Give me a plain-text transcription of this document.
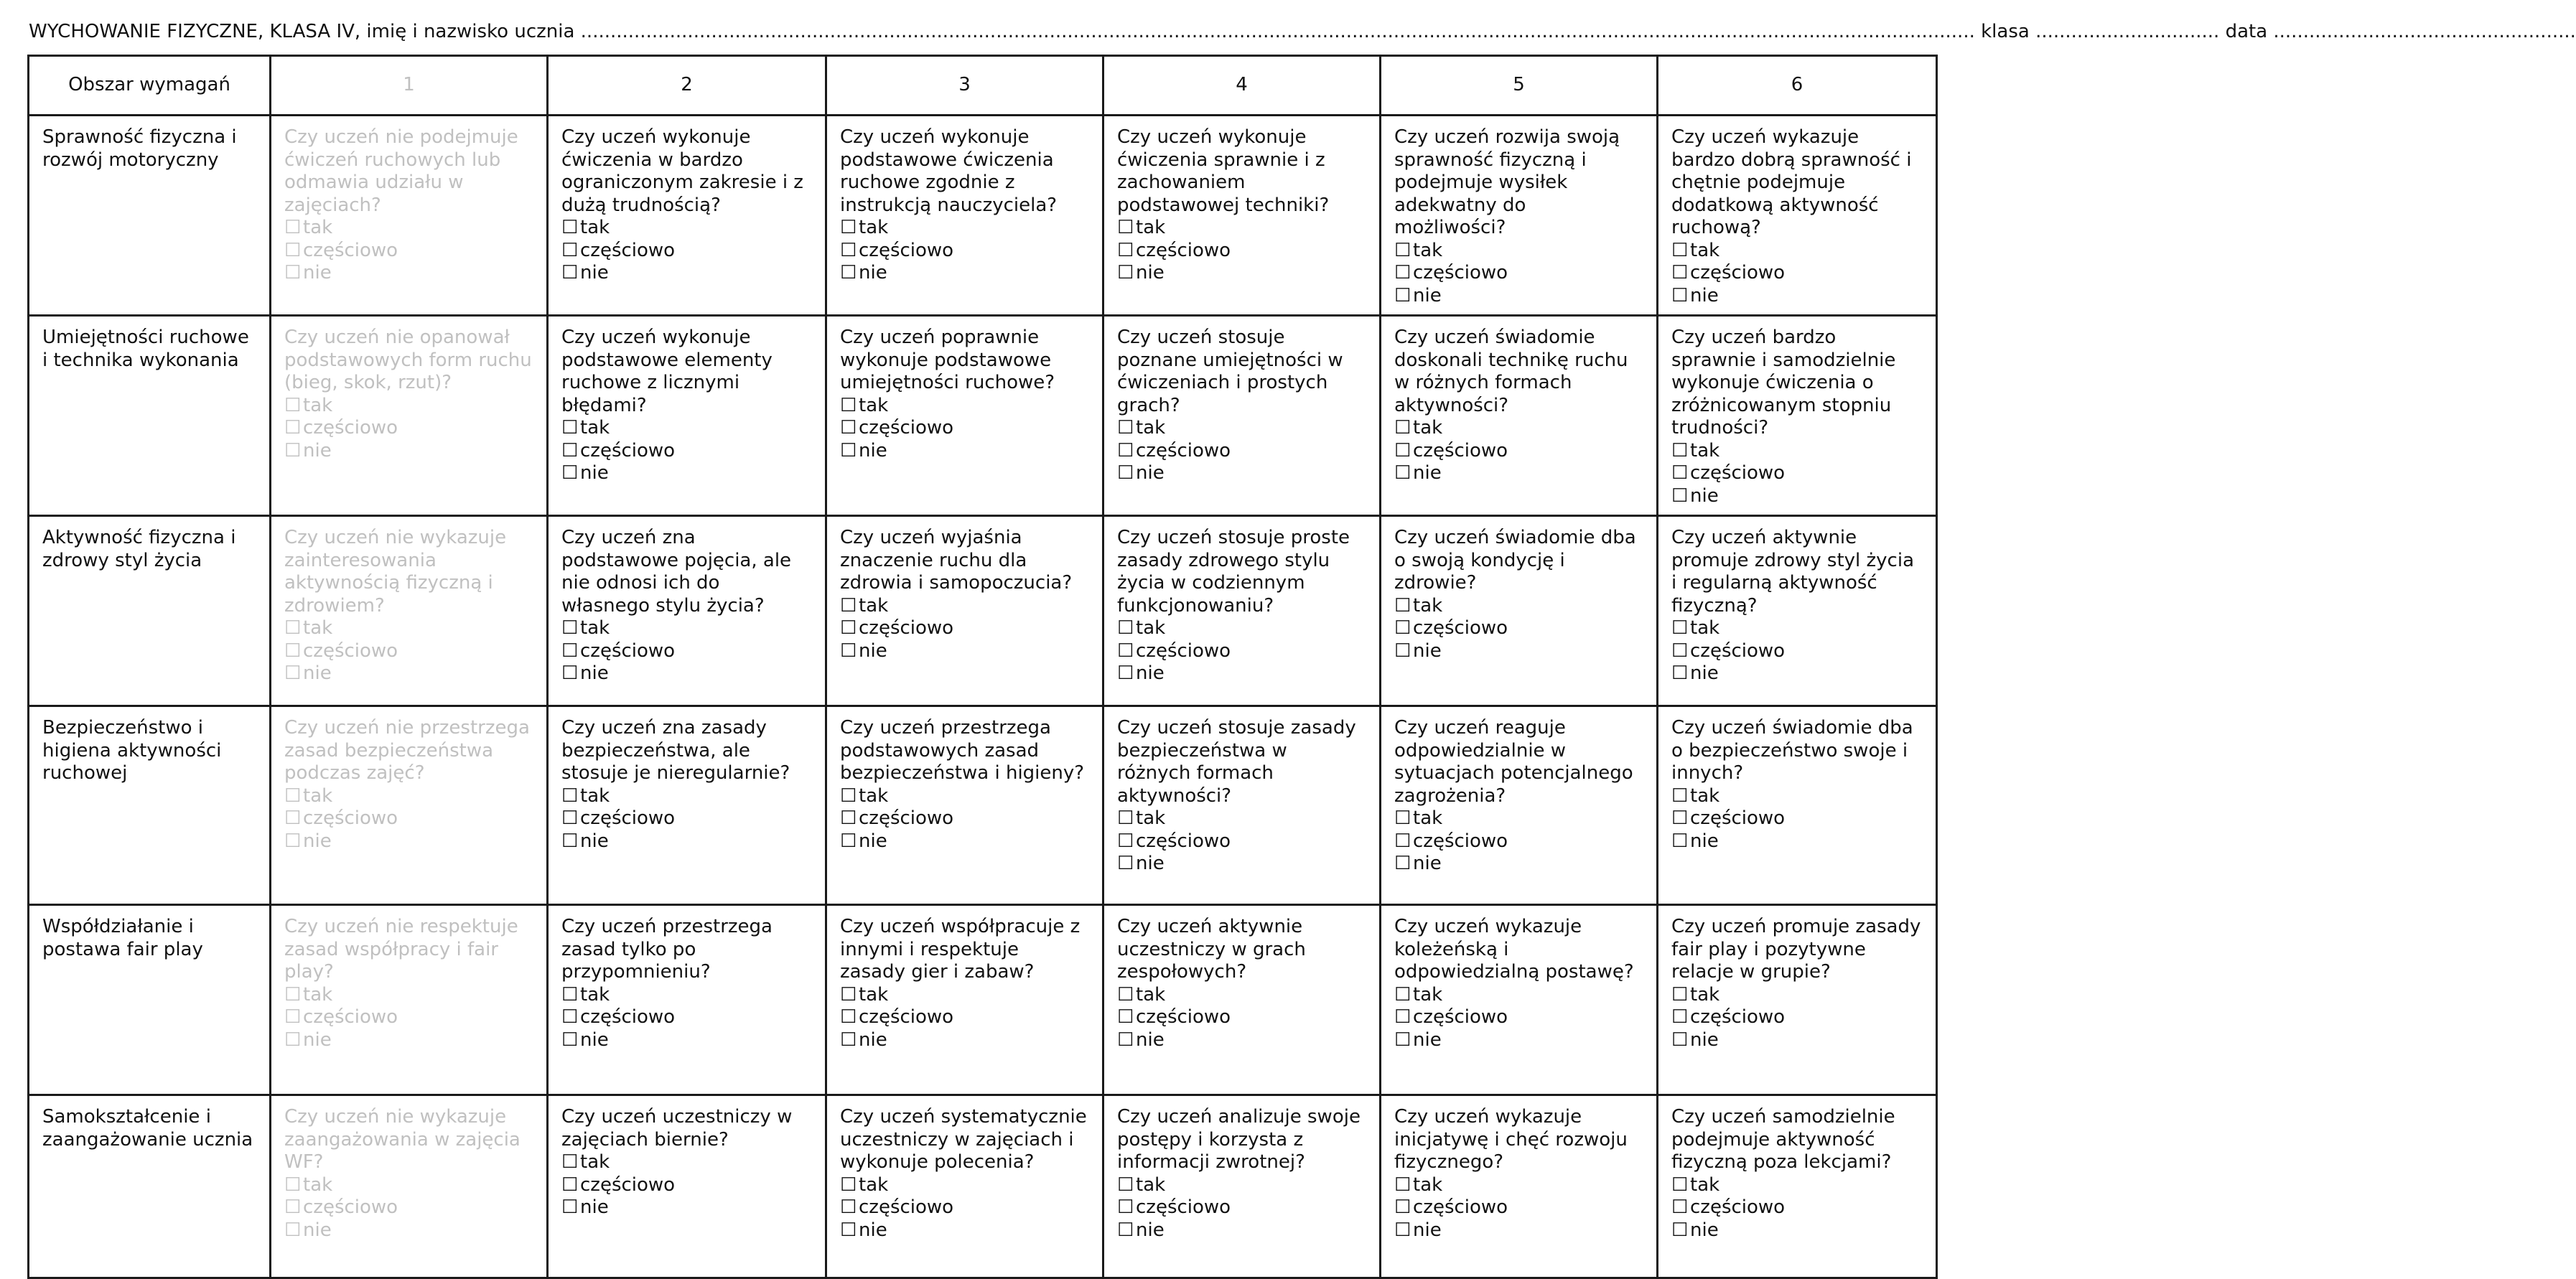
WYCHOWANIE FIZYCZNE, KLASA IV, imię i nazwisko ucznia ........................................................................................................................................................................................................................................... klasa ............................... data ...................................................
Obszar wymagań	1	2	3	4	5	6
Sprawność fizyczna i rozwój motoryczny	Czy uczeń nie podejmuje ćwiczeń ruchowych lub odmawia udziału w zajęciach?
☐ tak
☐ częściowo
☐ nie	Czy uczeń wykonuje ćwiczenia w bardzo ograniczonym zakresie i z dużą trudnością?
☐ tak
☐ częściowo
☐ nie	Czy uczeń wykonuje podstawowe ćwiczenia ruchowe zgodnie z instrukcją nauczyciela?
☐ tak
☐ częściowo
☐ nie	Czy uczeń wykonuje ćwiczenia sprawnie i z zachowaniem podstawowej techniki?
☐ tak
☐ częściowo
☐ nie	Czy uczeń rozwija swoją sprawność fizyczną i podejmuje wysiłek adekwatny do możliwości?
☐ tak
☐ częściowo
☐ nie	Czy uczeń wykazuje bardzo dobrą sprawność i chętnie podejmuje dodatkową aktywność ruchową?
☐ tak
☐ częściowo
☐ nie

Umiejętności ruchowe i technika wykonania	Czy uczeń nie opanował podstawowych form ruchu (bieg, skok, rzut)?
☐ tak
☐ częściowo
☐ nie	Czy uczeń wykonuje podstawowe elementy ruchowe z licznymi błędami?
☐ tak
☐ częściowo
☐ nie	Czy uczeń poprawnie wykonuje podstawowe umiejętności ruchowe?
☐ tak
☐ częściowo
☐ nie	Czy uczeń stosuje poznane umiejętności w ćwiczeniach i prostych grach?
☐ tak
☐ częściowo
☐ nie	Czy uczeń świadomie doskonali technikę ruchu w różnych formach aktywności?
☐ tak
☐ częściowo
☐ nie	Czy uczeń bardzo sprawnie i samodzielnie wykonuje ćwiczenia o zróżnicowanym stopniu trudności?
☐ tak
☐ częściowo
☐ nie

Aktywność fizyczna i zdrowy styl życia	Czy uczeń nie wykazuje zainteresowania aktywnością fizyczną i zdrowiem?
☐ tak
☐ częściowo
☐ nie	Czy uczeń zna podstawowe pojęcia, ale nie odnosi ich do własnego stylu życia?
☐ tak
☐ częściowo
☐ nie	Czy uczeń wyjaśnia znaczenie ruchu dla zdrowia i samopoczucia?
☐ tak
☐ częściowo
☐ nie	Czy uczeń stosuje proste zasady zdrowego stylu życia w codziennym funkcjonowaniu?
☐ tak
☐ częściowo
☐ nie	Czy uczeń świadomie dba o swoją kondycję i zdrowie?
☐ tak
☐ częściowo
☐ nie	Czy uczeń aktywnie promuje zdrowy styl życia i regularną aktywność fizyczną?
☐ tak
☐ częściowo
☐ nie

Bezpieczeństwo i higiena aktywności ruchowej	Czy uczeń nie przestrzega zasad bezpieczeństwa podczas zajęć?
☐ tak
☐ częściowo
☐ nie	Czy uczeń zna zasady bezpieczeństwa, ale stosuje je nieregularnie?
☐ tak
☐ częściowo
☐ nie	Czy uczeń przestrzega podstawowych zasad bezpieczeństwa i higieny?
☐ tak
☐ częściowo
☐ nie	Czy uczeń stosuje zasady bezpieczeństwa w różnych formach aktywności?
☐ tak
☐ częściowo
☐ nie	Czy uczeń reaguje odpowiedzialnie w sytuacjach potencjalnego zagrożenia?
☐ tak
☐ częściowo
☐ nie	Czy uczeń świadomie dba o bezpieczeństwo swoje i innych?
☐ tak
☐ częściowo
☐ nie

Współdziałanie i postawa fair play	Czy uczeń nie respektuje zasad współpracy i fair play?
☐ tak
☐ częściowo
☐ nie	Czy uczeń przestrzega zasad tylko po przypomnieniu?
☐ tak
☐ częściowo
☐ nie	Czy uczeń współpracuje z innymi i respektuje zasady gier i zabaw?
☐ tak
☐ częściowo
☐ nie	Czy uczeń aktywnie uczestniczy w grach zespołowych?
☐ tak
☐ częściowo
☐ nie	Czy uczeń wykazuje koleżeńską i odpowiedzialną postawę?
☐ tak
☐ częściowo
☐ nie	Czy uczeń promuje zasady fair play i pozytywne relacje w grupie?
☐ tak
☐ częściowo
☐ nie

Samokształcenie i zaangażowanie ucznia	Czy uczeń nie wykazuje zaangażowania w zajęcia WF?
☐ tak
☐ częściowo
☐ nie	Czy uczeń uczestniczy w zajęciach biernie?
☐ tak
☐ częściowo
☐ nie	Czy uczeń systematycznie uczestniczy w zajęciach i wykonuje polecenia?
☐ tak
☐ częściowo
☐ nie	Czy uczeń analizuje swoje postępy i korzysta z informacji zwrotnej?
☐ tak
☐ częściowo
☐ nie	Czy uczeń wykazuje inicjatywę i chęć rozwoju fizycznego?
☐ tak
☐ częściowo
☐ nie	Czy uczeń samodzielnie podejmuje aktywność fizyczną poza lekcjami?
☐ tak
☐ częściowo
☐ nie
